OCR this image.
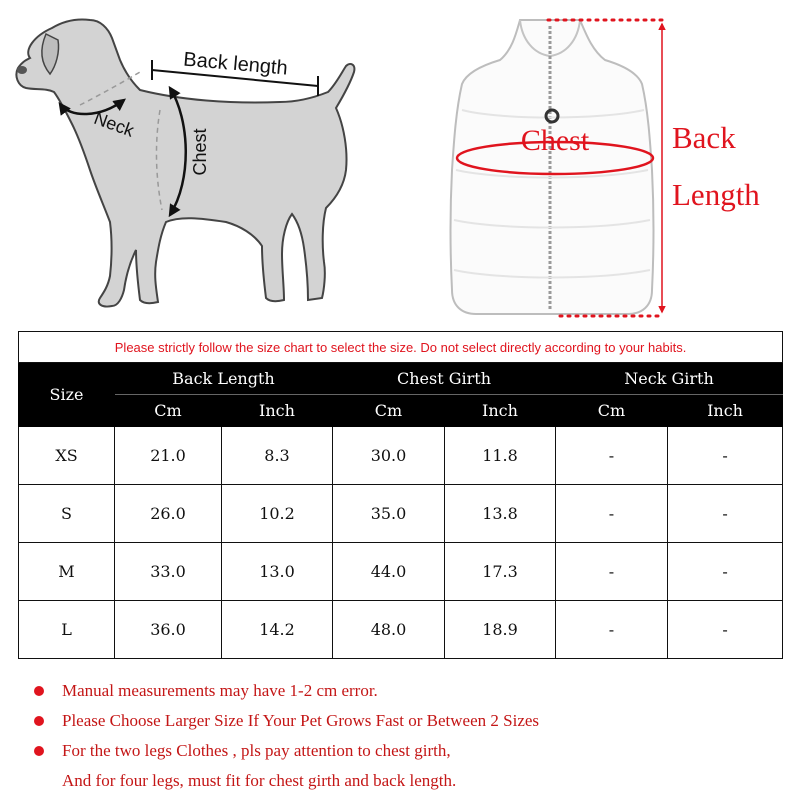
Back length
Neck
Chest	Chest	Back
Length
Please strictly follow the size chart to select the size. Do not select directly according to your habits.						
Size	Back Length		Chest Girth		Neck Girth	
	Cm	Inch	Cm	Inch	Cm	Inch
XS	21.0	8.3	30.0	11.8	-	-
S	26.0	10.2	35.0	13.8	-	-
M	33.0	13.0	44.0	17.3	-	-
L	36.0	14.2	48.0	18.9	-	-
Manual measurements may have 1-2 cm error.
Please Choose Larger Size If Your Pet Grows Fast or Between 2 Sizes
For the two legs Clothes , pls pay attention to chest girth,
And for four legs, must fit for chest girth and back length.
